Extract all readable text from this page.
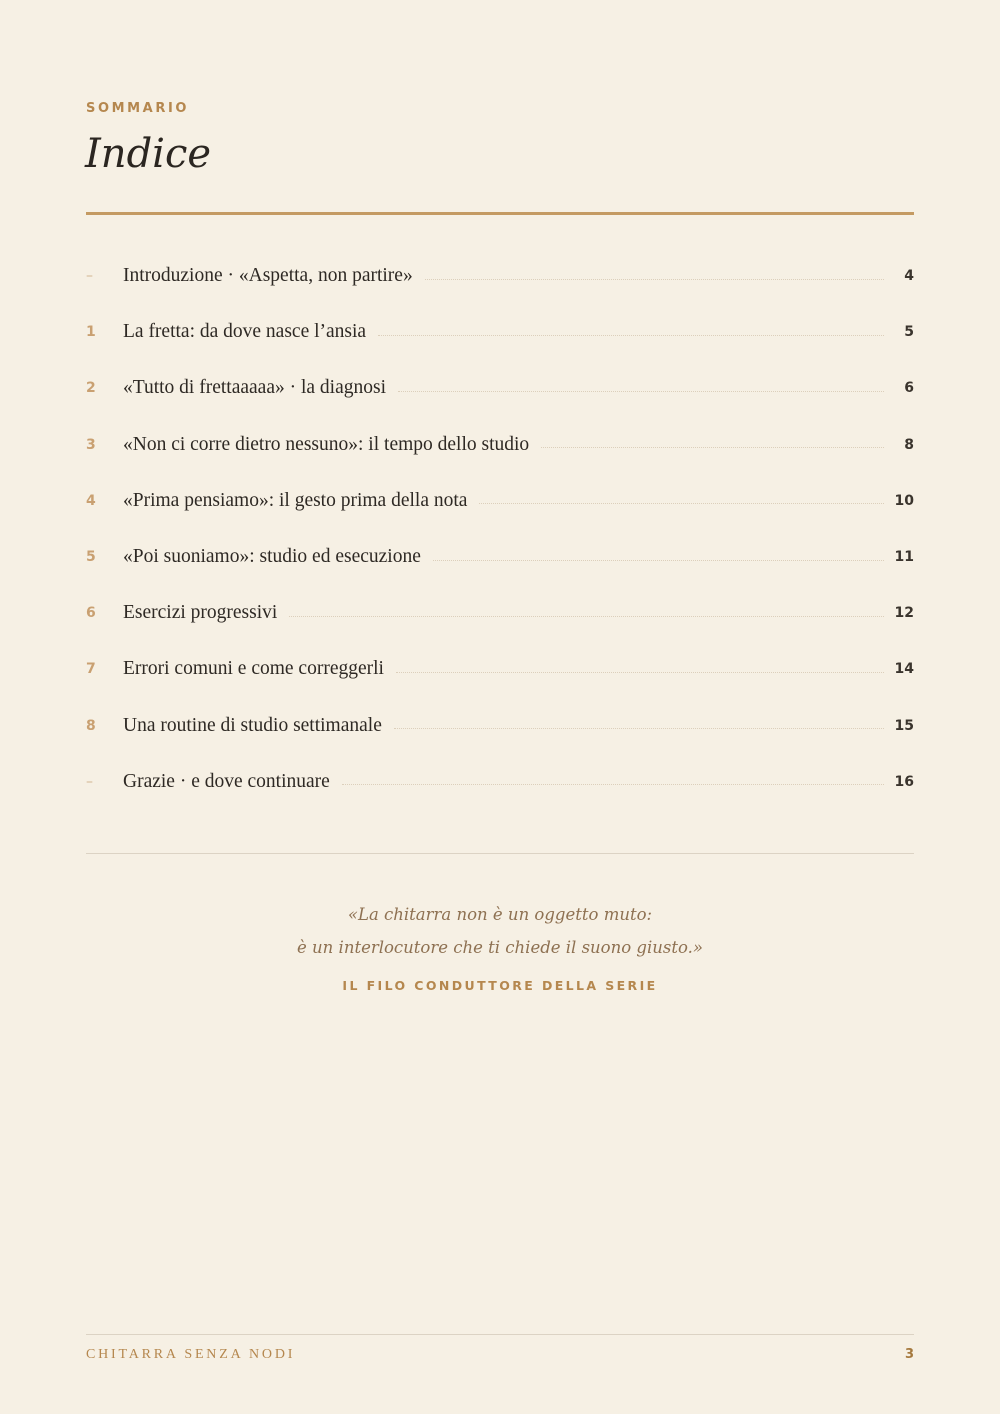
SOMMARIO
Indice
–	Introduzione · «Aspetta, non partire»	4
1	La fretta: da dove nasce l’ansia	5
2	«Tutto di frettaaaaa» · la diagnosi	6
3	«Non ci corre dietro nessuno»: il tempo dello studio	8
4	«Prima pensiamo»: il gesto prima della nota	10
5	«Poi suoniamo»: studio ed esecuzione	11
6	Esercizi progressivi	12
7	Errori comuni e come correggerli	14
8	Una routine di studio settimanale	15
–	Grazie · e dove continuare	16
«La chitarra non è un oggetto muto:
è un interlocutore che ti chiede il suono giusto.»
IL FILO CONDUTTORE DELLA SERIE
CHITARRA SENZA NODI	3
